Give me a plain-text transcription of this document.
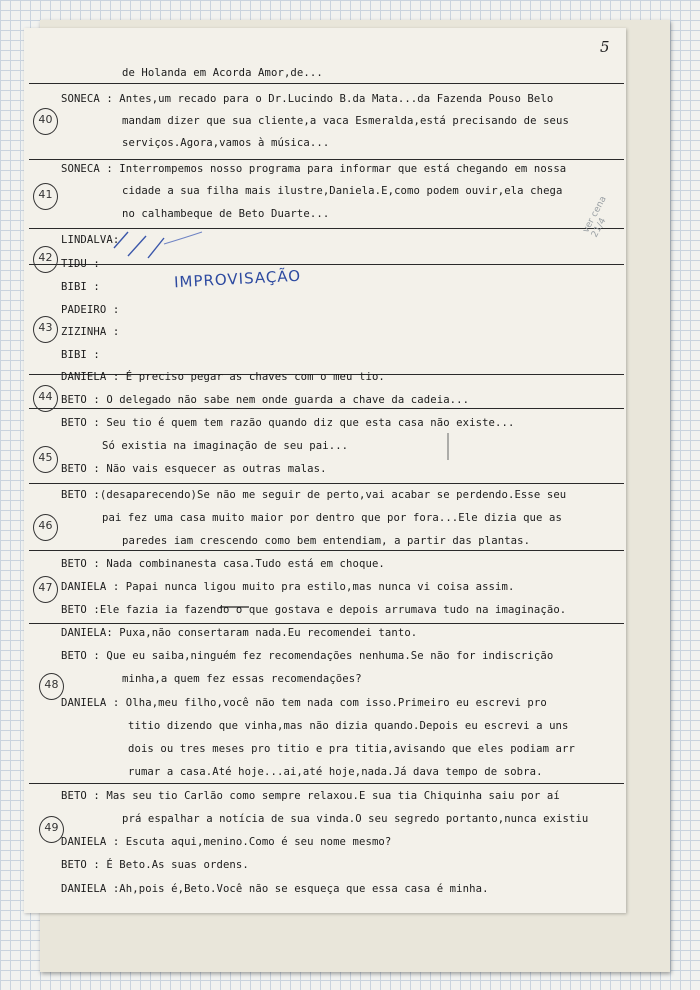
5
de Holanda em Acorda Amor,de...
SONECA : Antes,um recado para o Dr.Lucindo B.da Mata...da Fazenda Pouso Belo
mandam dizer que sua cliente,a vaca Esmeralda,está precisando de seus
serviços.Agora,vamos à música...
SONECA : Interrompemos nosso programa para informar que está chegando em nossa
cidade a sua filha mais ilustre,Daniela.E,como podem ouvir,ela chega
no calhambeque de Beto Duarte...
LINDALVA:
TIDU :
BIBI :
PADEIRO :
ZIZINHA :
BIBI :
DANIELA : É preciso pegar as chaves com o meu tio.
BETO : O delegado não sabe nem onde guarda a chave da cadeia...
BETO : Seu tio é quem tem razão quando diz que esta casa não existe...
Só existia na imaginação de seu pai...
BETO : Não vais esquecer as outras malas.
BETO :(desaparecendo)Se não me seguir de perto,vai acabar se perdendo.Esse seu
pai fez uma casa muito maior por dentro que por fora...Ele dizia que as
paredes iam crescendo como bem entendiam, a partir das plantas.
BETO : Nada combinanesta casa.Tudo está em choque.
DANIELA : Papai nunca ligou muito pra estilo,mas nunca vi coisa assim.
BETO :Ele fazia ia fazendo o que gostava e depois arrumava tudo na imaginação.
DANIELA: Puxa,não consertaram nada.Eu recomendei tanto.
BETO : Que eu saiba,ninguém fez recomendações nenhuma.Se não for indiscrição
minha,a quem fez essas recomendações?
DANIELA : Olha,meu filho,você não tem nada com isso.Primeiro eu escrevi pro
titio dizendo que vinha,mas não dizia quando.Depois eu escrevi a uns
dois ou tres meses pro titio e pra titia,avisando que eles podiam arr
rumar a casa.Até hoje...ai,até hoje,nada.Já dava tempo de sobra.
BETO : Mas seu tio Carlão como sempre relaxou.E sua tia Chiquinha saiu por aí
prá espalhar a notícia de sua vinda.O seu segredo portanto,nunca existiu
DANIELA : Escuta aqui,menino.Como é seu nome mesmo?
BETO : É Beto.As suas ordens.
DANIELA :Ah,pois é,Beto.Você não se esqueça que essa casa é minha.
40
41
42
43
44
45
46
47
48
49
IMPROVISAÇÃO
ver cena 21/4
